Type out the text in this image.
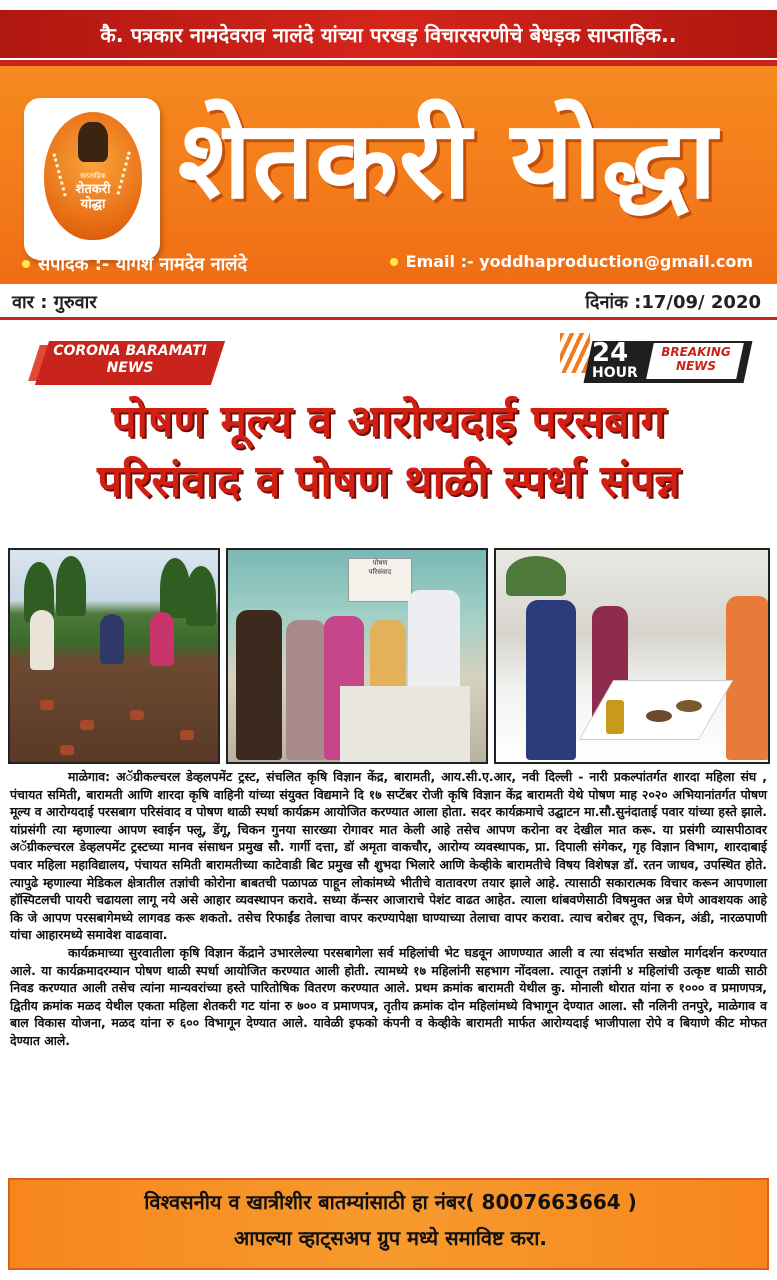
कै. पत्रकार नामदेवराव नालंदे यांच्या परखड़ विचारसरणीचे बेधड़क साप्ताहिक..
साप्ताहिक
शेतकरी
योद्धा शेतकरी योद्धा
संपादक :- योगेश नामदेव नालंदे	Email :- yoddhaproduction@gmail.com
वार : गुरुवार	दिनांक :17/09/ 2020
CORONA BARAMATI
NEWS	24
HOUR
BREAKING
NEWS
पोषण मूल्य व आरोग्यदाई परसबाग
परिसंवाद व पोषण थाळी स्पर्धा संपन्न
पोषण
परिसंवाद

माळेगाव: अॅग्रीकल्चरल डेव्हलपमेंट ट्रस्ट, संचलित कृषि विज्ञान केंद्र, बारामती, आय.सी.ए.आर, नवी दिल्ली - नारी प्रकल्पांतर्गत शारदा महिला संघ , पंचायत समिती, बारामती आणि शारदा कृषि वाहिनी यांच्या संयुक्त विद्यमाने दि १७ सप्टेंबर रोजी कृषि विज्ञान केंद्र बारामती येथे पोषण माह २०२० अभियानांतर्गत पोषण मूल्य व आरोग्यदाई परसबाग परिसंवाद व पोषण थाळी स्पर्धा कार्यक्रम आयोजित करण्यात आला होता. सदर कार्यक्रमाचे उद्घाटन मा.सौ.सुनंदाताई पवार यांच्या हस्ते झाले. यांप्रसंगी त्या म्हणाल्या आपण स्वाईन फ्लू, डेंगू, चिकन गुनया सारख्या रोगावर मात केली आहे तसेच आपण करोना वर देखील मात करू. या प्रसंगी व्यासपीठावर अॅग्रीकल्चरल डेव्हलपमेंट ट्रस्टच्या मानव संसाधन प्रमुख सौ. गार्गी दत्ता, डॉ अमृता वाकचौर, आरोग्य व्यवस्थापक, प्रा. दिपाली संगेकर, गृह विज्ञान विभाग, शारदाबाई पवार महिला महाविद्यालय, पंचायत समिती बारामतीच्या काटेवाडी बिट प्रमुख सौ शुभदा भिलारे आणि केव्हीके बारामतीचे विषय विशेषज्ञ डॉ. रतन जाधव, उपस्थित होते. त्यापुढे म्हणाल्या मेडिकल क्षेत्रातील तज्ञांची कोरोना बाबतची पळापळ पाहून लोकांमध्ये भीतीचे वातावरण तयार झाले आहे. त्यासाठी सकारात्मक विचार करून आपणाला हॉस्पिटलची पायरी चढायला लागू नये असे आहार व्यवस्थापन करावे. सध्या कॅन्सर आजाराचे पेशंट वाढत आहेत. त्याला थांबवणेसाठी विषमुक्त अन्न घेणे आवशयक आहे कि जे आपण परसबागेमध्ये लागवड करू शकतो. तसेच रिफाईंड तेलाचा वापर करण्यापेक्षा घाण्याच्या तेलाचा वापर करावा. त्याच बरोबर तूप, चिकन, अंडी, नारळपाणी यांचा आहारमध्ये समावेश वाढवावा.

कार्यक्रमाच्या सुरवातीला कृषि विज्ञान केंद्राने उभारलेल्या परसबागेला सर्व महिलांची भेट घडवून आणण्यात आली व त्या संदर्भात सखोल मार्गदर्शन करण्यात आले. या कार्यक्रमादरम्यान पोषण थाळी स्पर्धा आयोजित करण्यात आली होती. त्यामध्ये १७ महिलांनी सहभाग नोंदवला. त्यातून तज्ञांनी ४ महिलांची उत्कृष्ट थाळी साठी निवड करण्यात आली तसेच त्यांना मान्यवरांच्या हस्ते पारितोषिक वितरण करण्यात आले. प्रथम क्रमांक बारामती येथील कु. मोनाली थोरात यांना रु १००० व प्रमाणपत्र, द्वितीय क्रमांक मळद येथील एकता महिला शेतकरी गट यांना रु ७०० व प्रमाणपत्र, तृतीय क्रमांक दोन महिलांमध्ये विभागून देण्यात आला. सौ नलिनी तनपुरे, माळेगाव व बाल विकास योजना, मळद यांना रु ६०० विभागून देण्यात आले. यावेळी इफको कंपनी व केव्हीके बारामती मार्फत आरोग्यदाई भाजीपाला रोपे व बियाणे कीट मोफत देण्यात आले.

विश्वसनीय व खात्रीशीर बातम्यांसाठी हा नंबर( 8007663664 )
आपल्या व्हाट्सअप ग्रुप मध्ये समाविष्ट करा.
